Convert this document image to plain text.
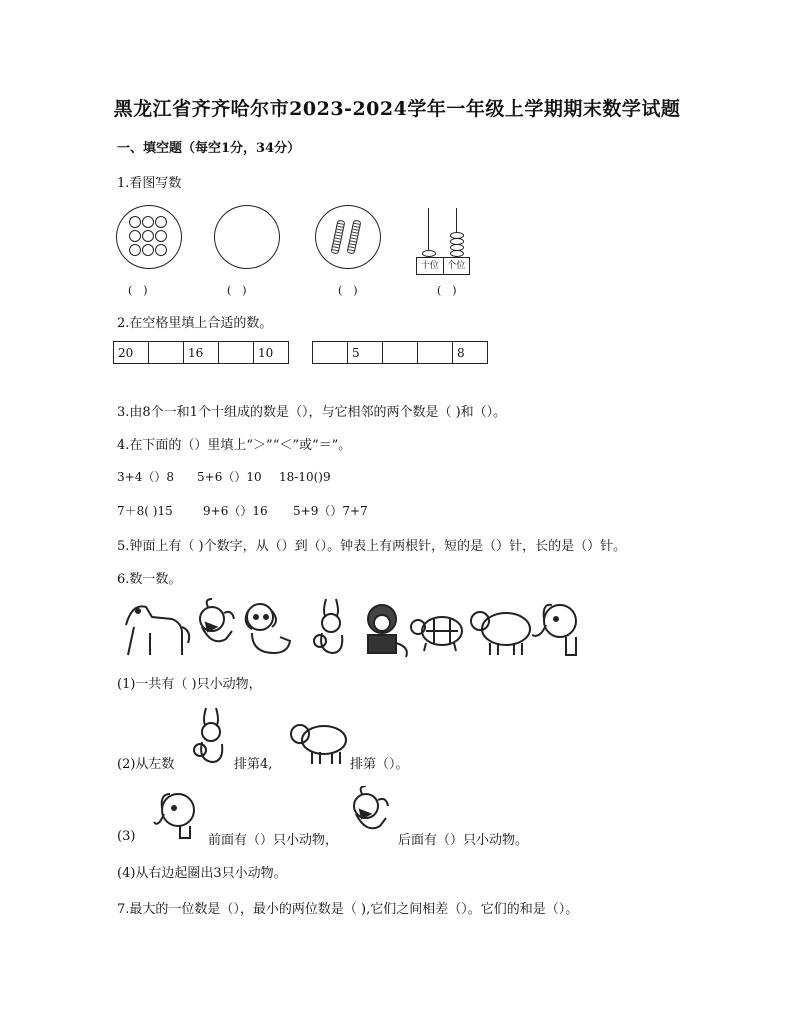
黑龙江省齐齐哈尔市2023-2024学年一年级上学期期末数学试题
一、填空题（每空1分，34分）
1.看图写数
十位 个位
(　)	(　)	(　)	(　)
2.在空格里填上合适的数。
20		16		10
		5			8
3.由8个一和1个十组成的数是（），与它相邻的两个数是（ )和（）。
4.在下面的（）里填上“＞”“＜”或“＝”。
3+4（）8 5+6（）10 18-10()9
7＋8( )15	9+6（）16 5+9（）7+7
5.钟面上有（ )个数字，从（）到（）。钟表上有两根针，短的是（）针，长的是（）针。
6.数一数。
(1)一共有（ )只小动物，
(2)从左数	排第4,	排第（）。
(3)	前面有（）只小动物，	后面有（）只小动物。
(4)从右边起圈出3只小动物。
7.最大的一位数是（），最小的两位数是（ ),它们之间相差（）。它们的和是（）。
